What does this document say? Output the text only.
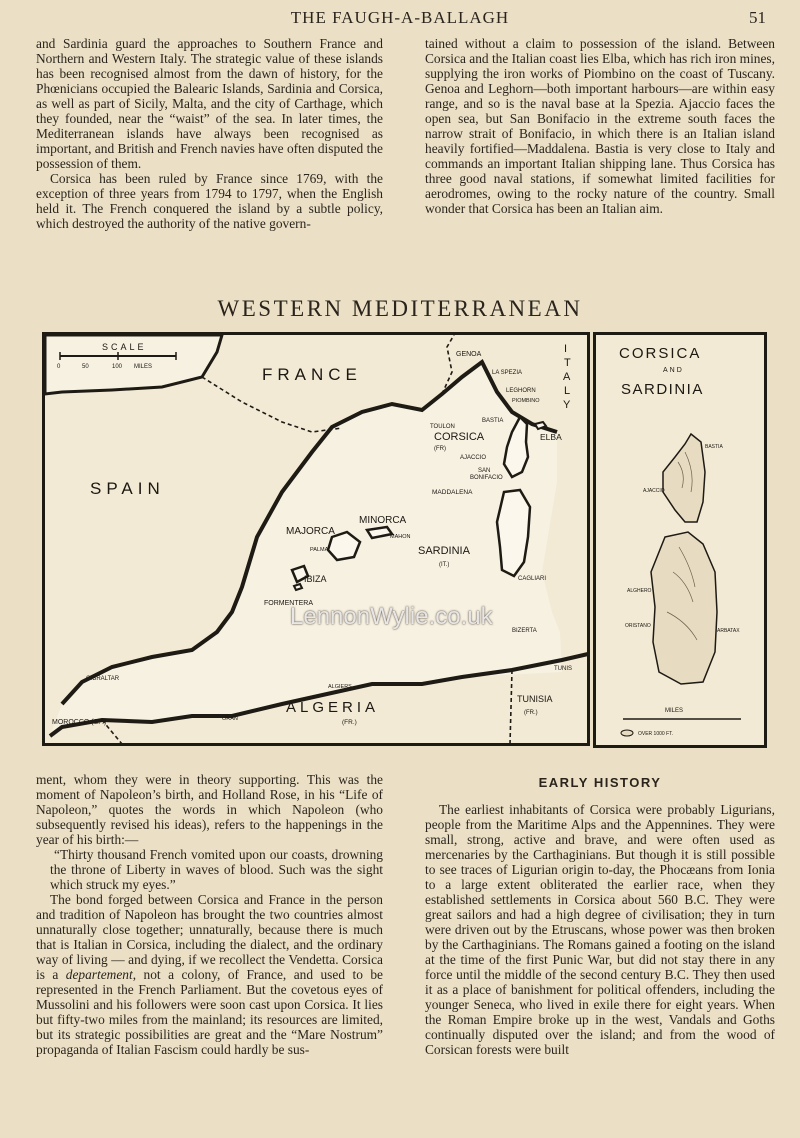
THE FAUGH-A-BALLAGH	51

and Sardinia guard the approaches to Southern France and Northern and Western Italy. The strategic value of these islands has been recognised almost from the dawn of history, for the Phœnicians occupied the Balearic Islands, Sardinia and Corsica, as well as part of Sicily, Malta, and the city of Carthage, which they founded, near the “waist” of the sea. In later times, the Mediterranean islands have always been recognised as important, and British and French navies have often disputed the possession of them.

Corsica has been ruled by France since 1769, with the exception of three years from 1794 to 1797, when the English held it. The French conquered the island by a subtle policy, which destroyed the authority of the native govern-

tained without a claim to possession of the island. Between Corsica and the Italian coast lies Elba, which has rich iron mines, supplying the iron works of Piombino on the coast of Tuscany. Genoa and Leghorn—both important harbours—are within easy range, and so is the naval base at la Spezia. Ajaccio faces the open sea, but San Bonifacio in the extreme south faces the narrow strait of Bonifacio, in which there is an Italian island heavily fortified—Maddalena. Bastia is very close to Italy and commands an important Italian shipping lane. Thus Corsica has three good naval stations, if somewhat limited facilities for aerodromes, owing to the rocky nature of the country. Small wonder that Corsica has been an Italian aim.

WESTERN MEDITERRANEAN
SCALE
0	50	100 MILES	FRANCE
SPAIN
I
T
A
L
Y
GENOA
LA SPEZIA
LEGHORN
PIOMBINO
TOULON
BASTIA
CORSICA
(FR)
ELBA
AJACCIO
SAN
BONIFACIO
MADDALENA
MINORCA
MAJORCA	MAHON
PALMA	SARDINIA
(IT.)
CAGLIARI
IBIZA
FORMENTERA
BIZERTA
TUNIS
GIBRALTAR
ALGIERS
ALGERIA
(FR.)
TUNISIA
(FR.)
MOROCCO (SP.)	ORAN
CORSICA
AND
SARDINIA
BASTIA
AJACCIO
ALGHERO
ORISTANO
ARBATAX
MILES
OVER 1000 FT.
LennonWylie.co.uk

ment, whom they were in theory supporting. This was the moment of Napoleon’s birth, and Holland Rose, in his “Life of Napoleon,” quotes the words in which Napoleon (who subsequently revised his ideas), refers to the happenings in the year of his birth:—

“Thirty thousand French vomited upon our coasts, drowning the throne of Liberty in waves of blood. Such was the sight which struck my eyes.”

The bond forged between Corsica and France in the person and tradition of Napoleon has brought the two countries almost unnaturally close together; unnaturally, because there is much that is Italian in Corsica, including the dialect, and the ordinary way of living — and dying, if we recollect the Vendetta. Corsica is a departement, not a colony, of France, and used to be represented in the French Parliament. But the covetous eyes of Mussolini and his followers were soon cast upon Corsica. It lies but fifty-two miles from the mainland; its resources are limited, but its strategic possibilities are great and the “Mare Nostrum” propaganda of Italian Fascism could hardly be sus-

EARLY HISTORY

The earliest inhabitants of Corsica were probably Ligurians, people from the Maritime Alps and the Appennines. They were small, strong, active and brave, and were often used as mercenaries by the Carthaginians. But though it is still possible to see traces of Ligurian origin to-day, the Phocæans from Ionia to a large extent obliterated the earlier race, when they established settlements in Corsica about 560 B.C. They were great sailors and had a high degree of civilisation; they in turn were driven out by the Etruscans, whose power was then broken by the Carthaginians. The Romans gained a footing on the island at the time of the first Punic War, but did not stay there in any force until the middle of the second century B.C. They then used it as a place of banishment for political offenders, including the younger Seneca, who lived in exile there for eight years. When the Roman Empire broke up in the west, Vandals and Goths continually disputed over the island; and from the wood of Corsican forests were built
